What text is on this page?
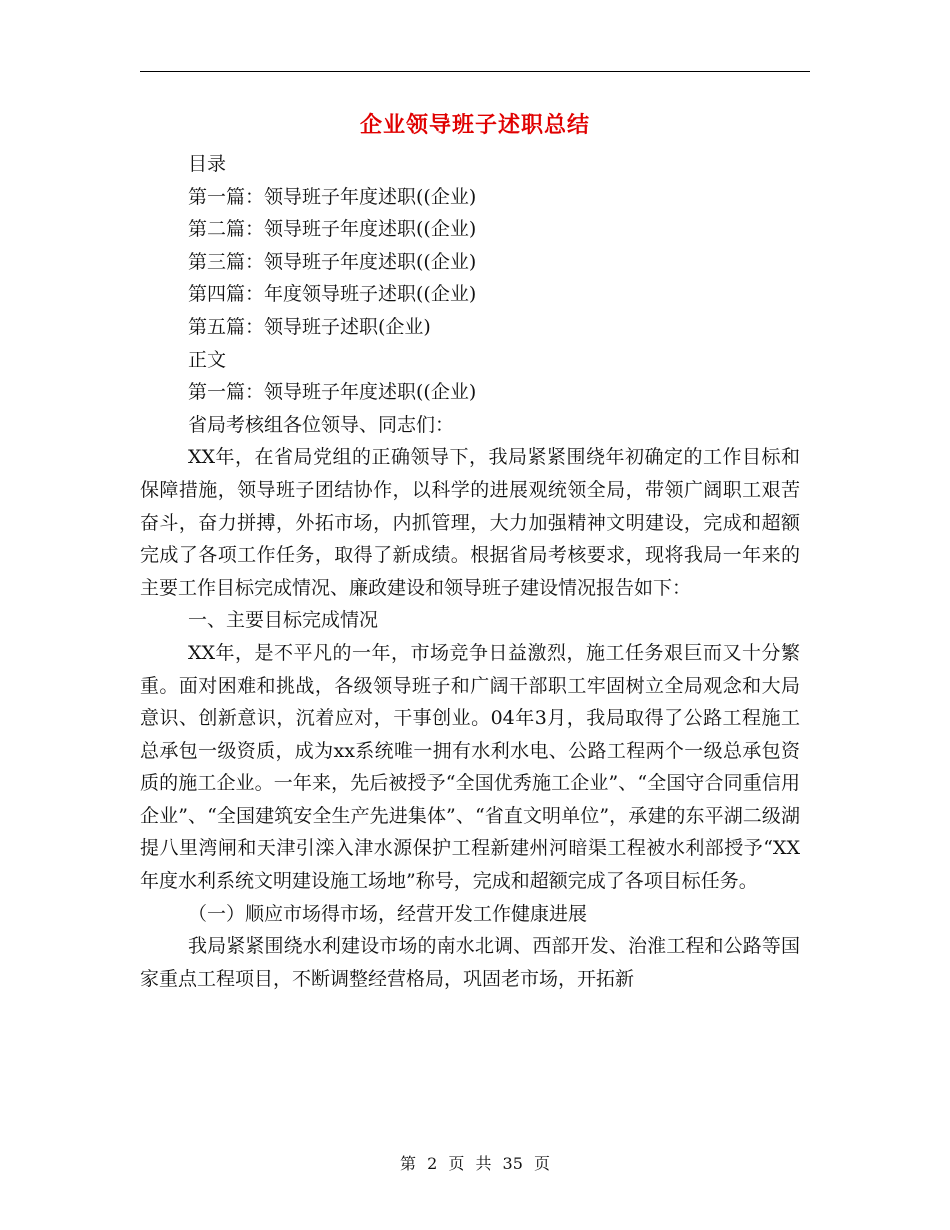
企业领导班子述职总结

目录

第一篇：领导班子年度述职((企业)

第二篇：领导班子年度述职((企业)

第三篇：领导班子年度述职((企业)

第四篇：年度领导班子述职((企业)

第五篇：领导班子述职(企业)

正文

第一篇：领导班子年度述职((企业)

省局考核组各位领导、同志们：

XX年，在省局党组的正确领导下，我局紧紧围绕年初确定的工作目标和保障措施，领导班子团结协作，以科学的进展观统领全局，带领广阔职工艰苦奋斗，奋力拼搏，外拓市场，内抓管理，大力加强精神文明建设，完成和超额完成了各项工作任务，取得了新成绩。根据省局考核要求，现将我局一年来的主要工作目标完成情况、廉政建设和领导班子建设情况报告如下：

一、主要目标完成情况

XX年，是不平凡的一年，市场竞争日益激烈，施工任务艰巨而又十分繁重。面对困难和挑战，各级领导班子和广阔干部职工牢固树立全局观念和大局意识、创新意识，沉着应对，干事创业。04年3月，我局取得了公路工程施工总承包一级资质，成为xx系统唯一拥有水利水电、公路工程两个一级总承包资质的施工企业。一年来，先后被授予“全国优秀施工企业”、“全国守合同重信用企业”、“全国建筑安全生产先进集体”、“省直文明单位”，承建的东平湖二级湖提八里湾闸和天津引滦入津水源保护工程新建州河暗渠工程被水利部授予“XX年度水利系统文明建设施工场地”称号，完成和超额完成了各项目标任务。

（一）顺应市场得市场，经营开发工作健康进展

我局紧紧围绕水利建设市场的南水北调、西部开发、治淮工程和公路等国家重点工程项目，不断调整经营格局，巩固老市场，开拓新

第 2 页 共 35 页
